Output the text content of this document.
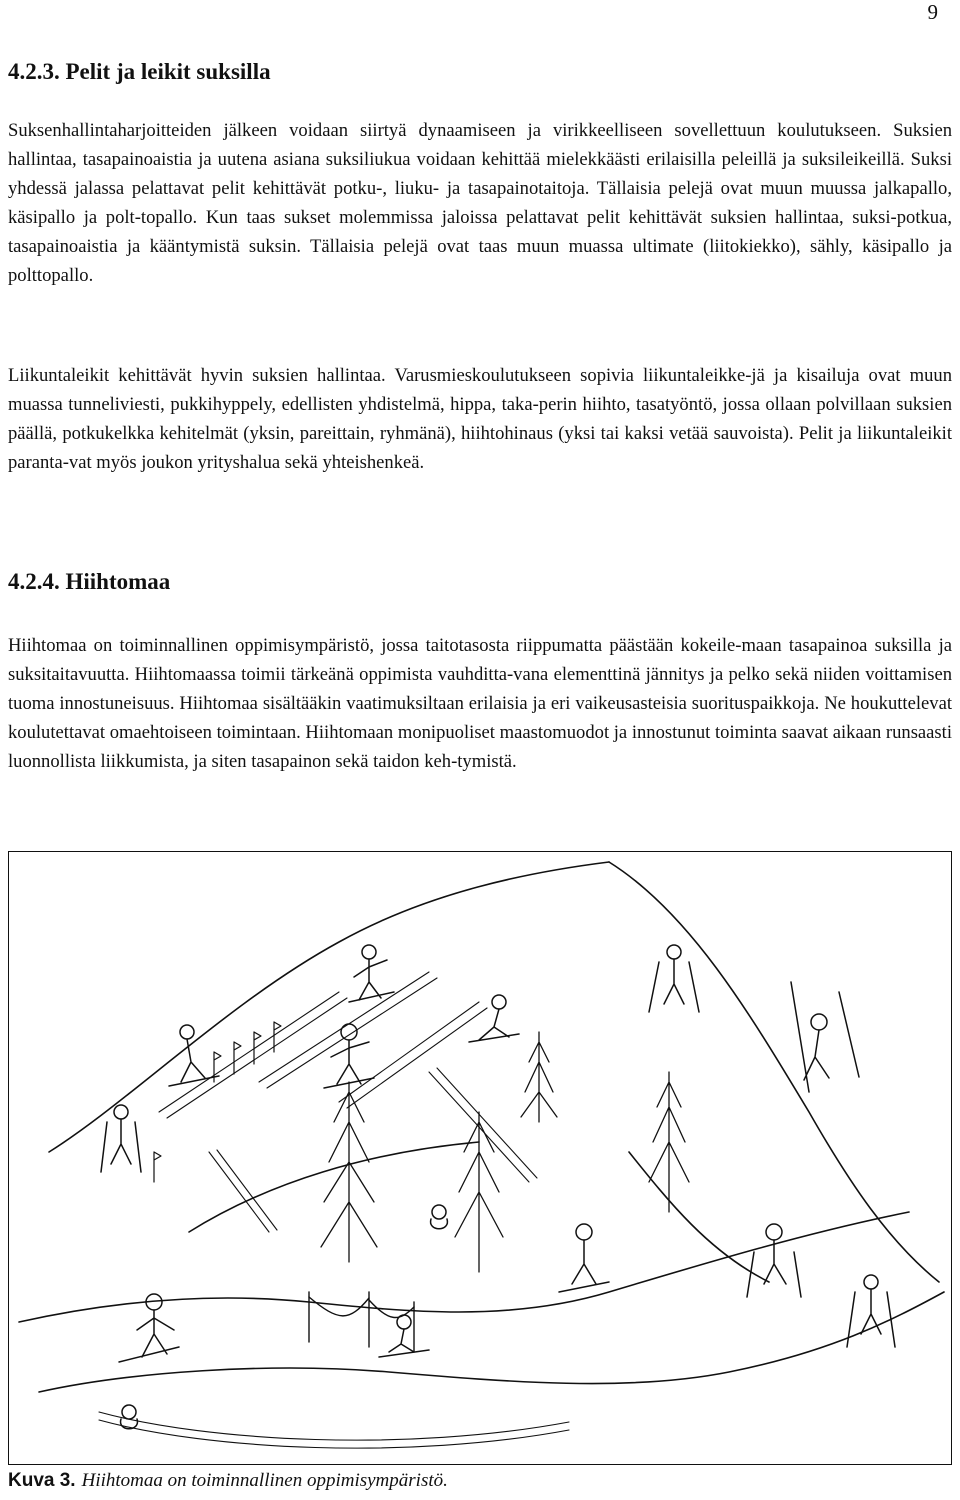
9
4.2.3. Pelit ja leikit suksilla

Suksenhallintaharjoitteiden jälkeen voidaan siirtyä dynaamiseen ja virikkeelliseen sovellettuun koulutukseen. Suksien hallintaa, tasapainoaistia ja uutena asiana suksiliukua voidaan kehittää mielekkäästi erilaisilla peleillä ja suksileikeillä. Suksi yhdessä jalassa pelattavat pelit kehittävät potku-, liuku- ja tasapainotaitoja. Tällaisia pelejä ovat muun muussa jalkapallo, käsipallo ja polt-topallo. Kun taas sukset molemmissa jaloissa pelattavat pelit kehittävät suksien hallintaa, suksi-potkua, tasapainoaistia ja kääntymistä suksin. Tällaisia pelejä ovat taas muun muassa ultimate (liitokiekko), sähly, käsipallo ja polttopallo.

Liikuntaleikit kehittävät hyvin suksien hallintaa. Varusmieskoulutukseen sopivia liikuntaleikke-jä ja kisailuja ovat muun muassa tunneliviesti, pukkihyppely, edellisten yhdistelmä, hippa, taka-perin hiihto, tasatyöntö, jossa ollaan polvillaan suksien päällä, potkukelkka kehitelmät (yksin, pareittain, ryhmänä), hiihtohinaus (yksi tai kaksi vetää sauvoista). Pelit ja liikuntaleikit paranta-vat myös joukon yrityshalua sekä yhteishenkeä.

4.2.4. Hiihtomaa

Hiihtomaa on toiminnallinen oppimisympäristö, jossa taitotasosta riippumatta päästään kokeile-maan tasapainoa suksilla ja suksitaitavuutta. Hiihtomaassa toimii tärkeänä oppimista vauhditta-vana elementtinä jännitys ja pelko sekä niiden voittamisen tuoma innostuneisuus. Hiihtomaa sisältääkin vaatimuksiltaan erilaisia ja eri vaikeusasteisia suorituspaikkoja. Ne houkuttelevat koulutettavat omaehtoiseen toimintaan. Hiihtomaan monipuoliset maastomuodot ja innostunut toiminta saavat aikaan runsaasti luonnollista liikkumista, ja siten tasapainon sekä taidon keh-tymistä.

Kuva 3. Hiihtomaa on toiminnallinen oppimisympäristö.
